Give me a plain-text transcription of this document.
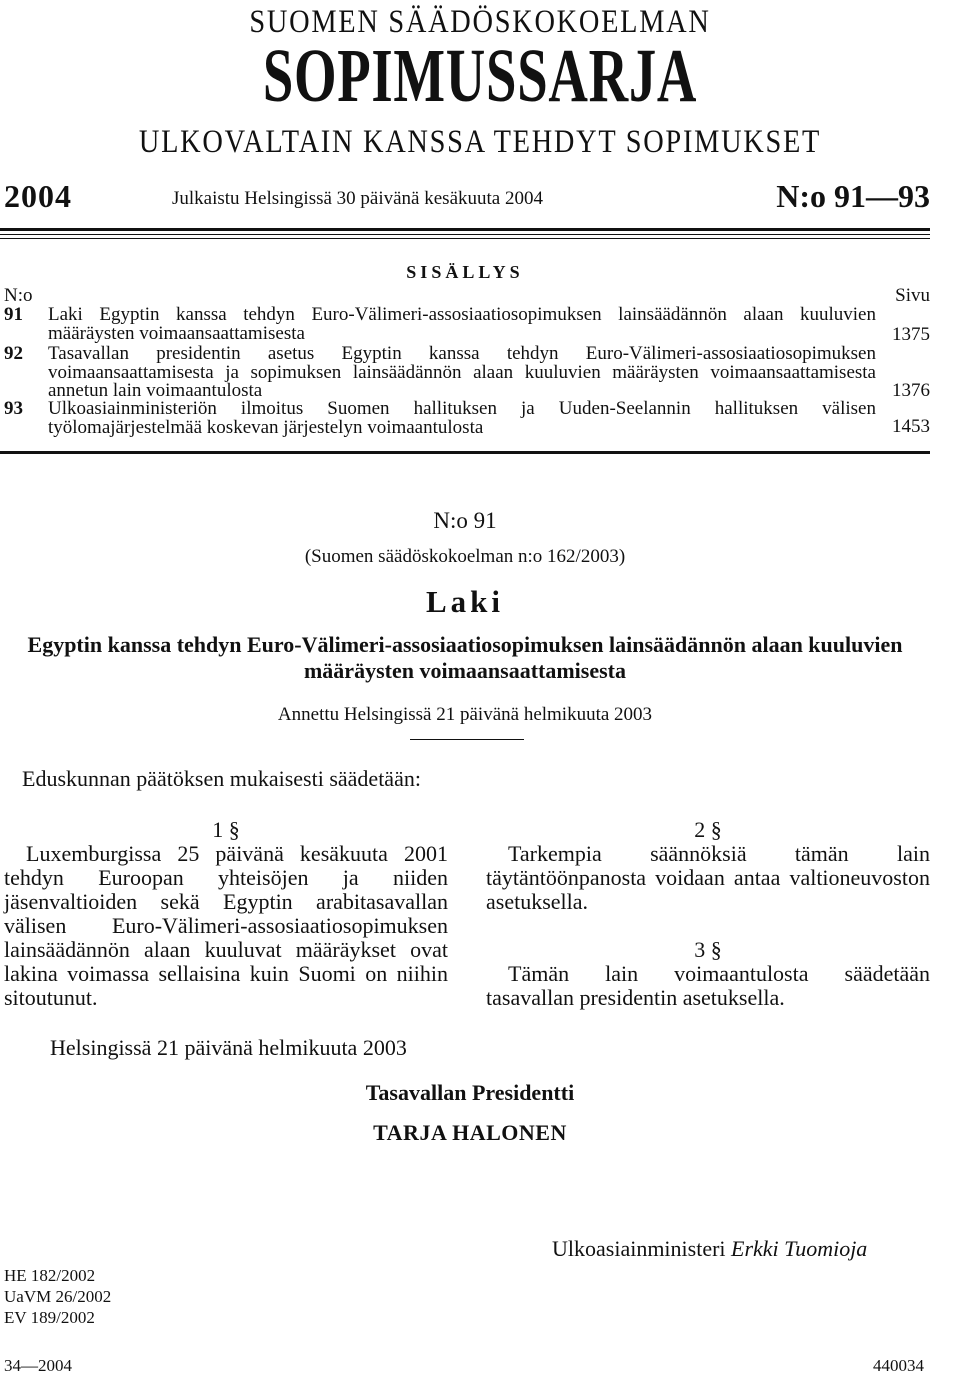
SUOMEN SÄÄDÖSKOKOELMAN
SOPIMUSSARJA
ULKOVALTAIN KANSSA TEHDYT SOPIMUKSET
2004	Julkaistu Helsingissä 30 päivänä kesäkuuta 2004	N:o 91—93
SISÄLLYS
N:o	Sivu
91 Laki Egyptin kanssa tehdyn Euro-Välimeri-assosiaatiosopimuksen lainsäädännön alaan kuuluvien määräysten voimaansaattamisesta	1375
92 Tasavallan presidentin asetus Egyptin kanssa tehdyn Euro-Välimeri-assosiaatiosopimuksen voimaansaattamisesta ja sopimuksen lainsäädännön alaan kuuluvien määräysten voimaansaattamisesta annetun lain voimaantulosta	1376
93 Ulkoasiainministeriön ilmoitus Suomen hallituksen ja Uuden-Seelannin hallituksen välisen työlomajärjestelmää koskevan järjestelyn voimaantulosta	1453
N:o 91
(Suomen säädöskokoelman n:o 162/2003)
Laki
Egyptin kanssa tehdyn Euro-Välimeri-assosiaatiosopimuksen lainsäädännön alaan kuuluvien määräysten voimaansaattamisesta
Annettu Helsingissä 21 päivänä helmikuuta 2003
Eduskunnan päätöksen mukaisesti säädetään:
1 §

Luxemburgissa 25 päivänä kesäkuuta 2001 tehdyn Euroopan yhteisöjen ja niiden jäsenvaltioiden sekä Egyptin arabitasavallan välisen Euro-Välimeri-assosiaatiosopimuksen lainsäädännön alaan kuuluvat määräykset ovat lakina voimassa sellaisina kuin Suomi on niihin sitoutunut.

2 §

Tarkempia säännöksiä tämän lain täytäntöönpanosta voidaan antaa valtioneuvoston asetuksella.

3 §

Tämän lain voimaantulosta säädetään tasavallan presidentin asetuksella.

Helsingissä 21 päivänä helmikuuta 2003
Tasavallan Presidentti
TARJA HALONEN
Ulkoasiainministeri Erkki Tuomioja
HE 182/2002
UaVM 26/2002
EV 189/2002
34—2004	440034
